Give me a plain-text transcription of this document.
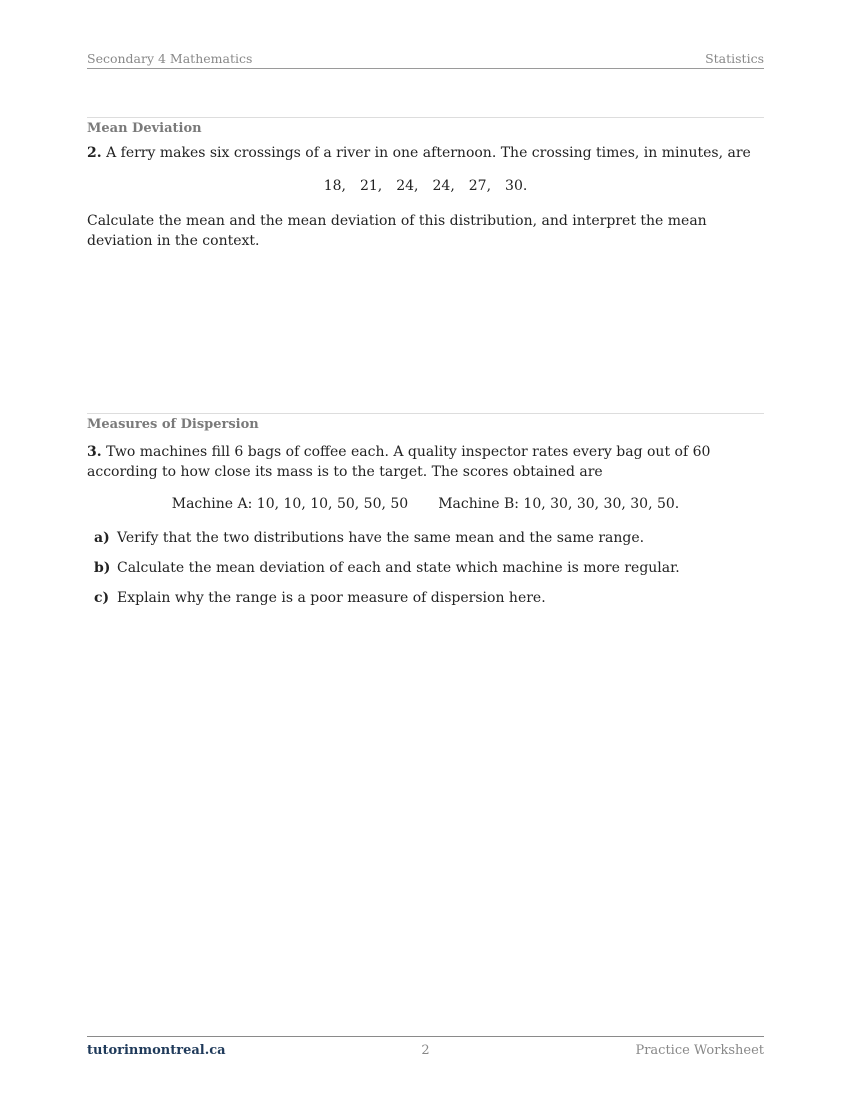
Secondary 4 Mathematics	Statistics
Mean Deviation
2. A ferry makes six crossings of a river in one afternoon. The crossing times, in minutes, are
18, 21, 24, 24, 27, 30.
Calculate the mean and the mean deviation of this distribution, and interpret the mean deviation in the context.
Measures of Dispersion
3. Two machines fill 6 bags of coffee each. A quality inspector rates every bag out of 60 according to how close its mass is to the target. The scores obtained are
Machine A: 10, 10, 10, 50, 50, 50 Machine B: 10, 30, 30, 30, 30, 50.
a) Verify that the two distributions have the same mean and the same range.
b) Calculate the mean deviation of each and state which machine is more regular.
c) Explain why the range is a poor measure of dispersion here.
tutorinmontreal.ca	2	Practice Worksheet
